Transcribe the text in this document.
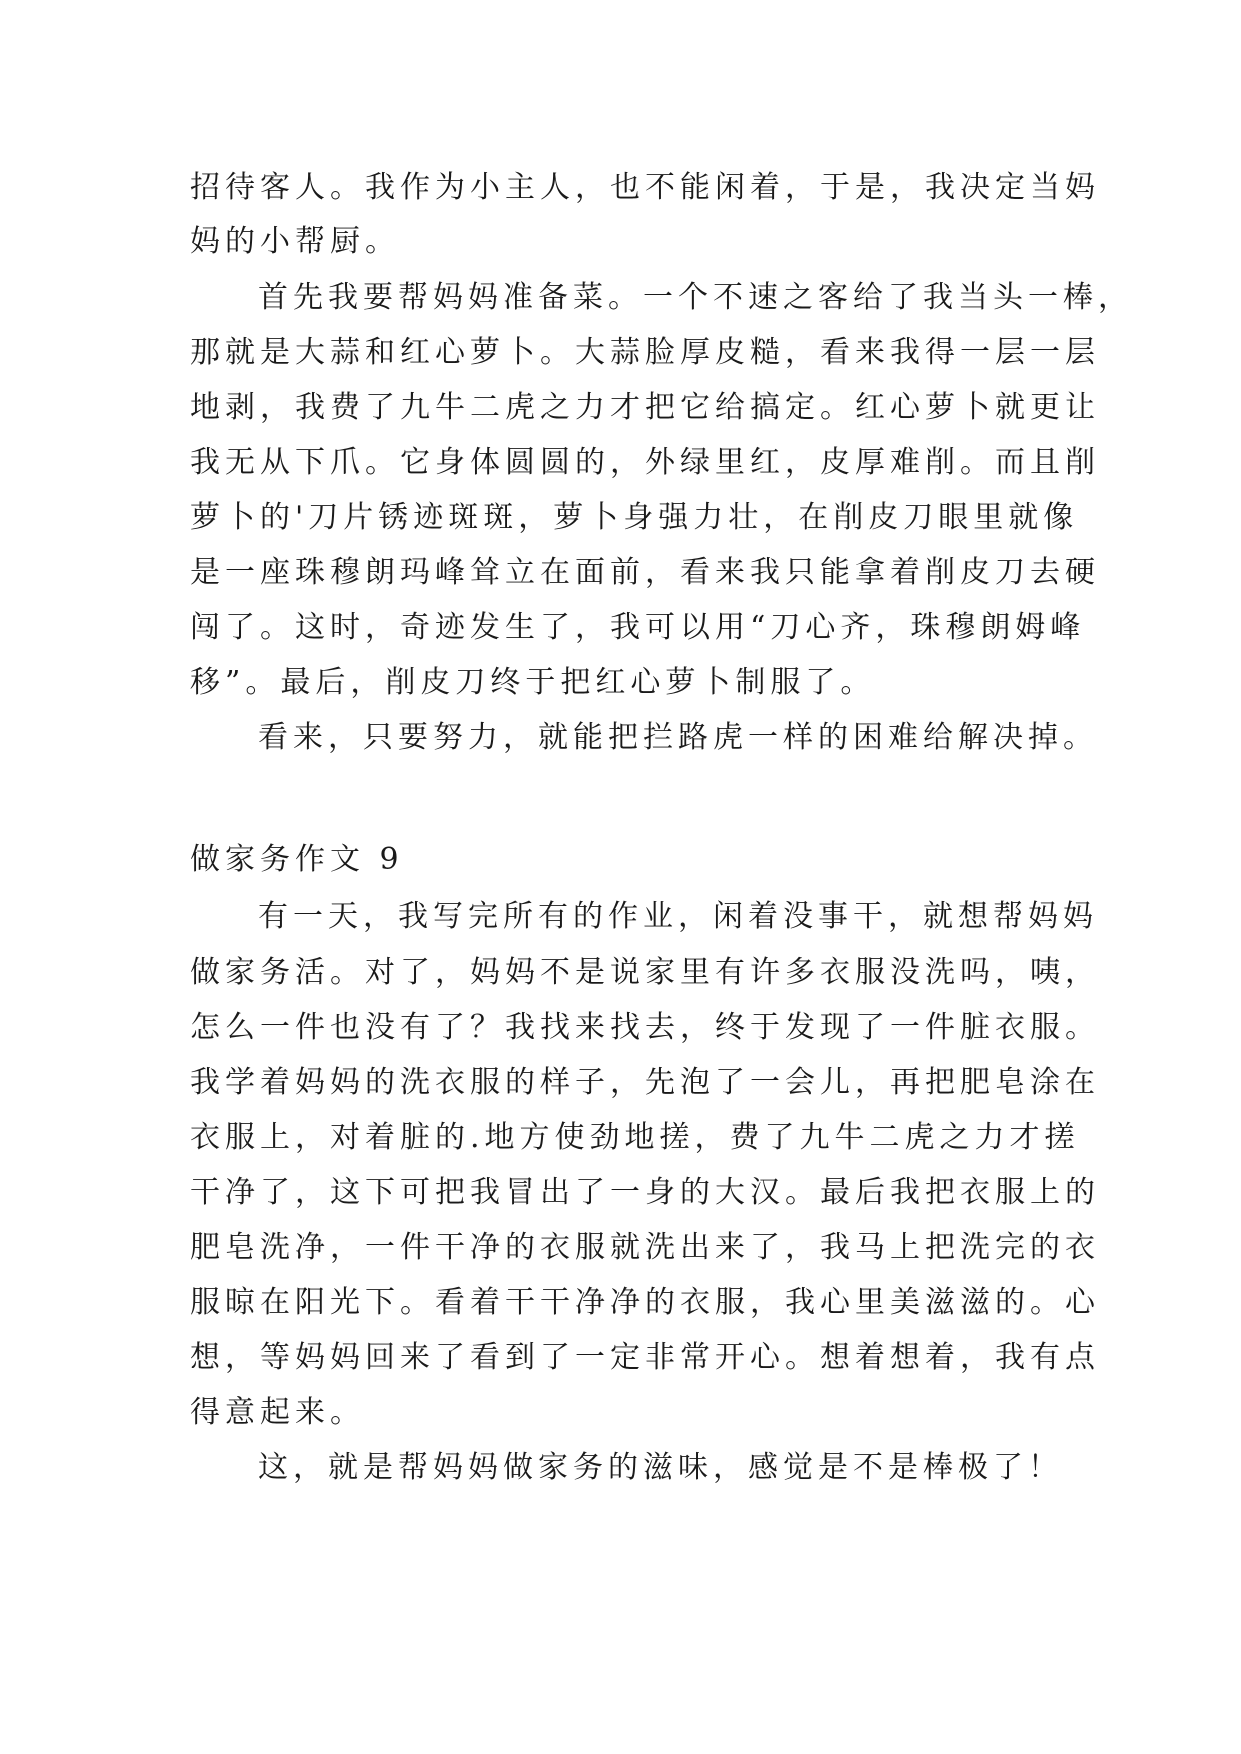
招待客人。我作为小主人，也不能闲着，于是，我决定当妈
妈的小帮厨。
首先我要帮妈妈准备菜。一个不速之客给了我当头一棒，
那就是大蒜和红心萝卜。大蒜脸厚皮糙，看来我得一层一层
地剥，我费了九牛二虎之力才把它给搞定。红心萝卜就更让
我无从下爪。它身体圆圆的，外绿里红，皮厚难削。而且削
萝卜的'刀片锈迹斑斑，萝卜身强力壮，在削皮刀眼里就像
是一座珠穆朗玛峰耸立在面前，看来我只能拿着削皮刀去硬
闯了。这时，奇迹发生了，我可以用“刀心齐，珠穆朗姆峰
移”。最后，削皮刀终于把红心萝卜制服了。
看来，只要努力，就能把拦路虎一样的困难给解决掉。
做家务作文 9
有一天，我写完所有的作业，闲着没事干，就想帮妈妈
做家务活。对了，妈妈不是说家里有许多衣服没洗吗，咦，
怎么一件也没有了？我找来找去，终于发现了一件脏衣服。
我学着妈妈的洗衣服的样子，先泡了一会儿，再把肥皂涂在
衣服上，对着脏的.地方使劲地搓，费了九牛二虎之力才搓
干净了，这下可把我冒出了一身的大汉。最后我把衣服上的
肥皂洗净，一件干净的衣服就洗出来了，我马上把洗完的衣
服晾在阳光下。看着干干净净的衣服，我心里美滋滋的。心
想，等妈妈回来了看到了一定非常开心。想着想着，我有点
得意起来。
这，就是帮妈妈做家务的滋味，感觉是不是棒极了！
